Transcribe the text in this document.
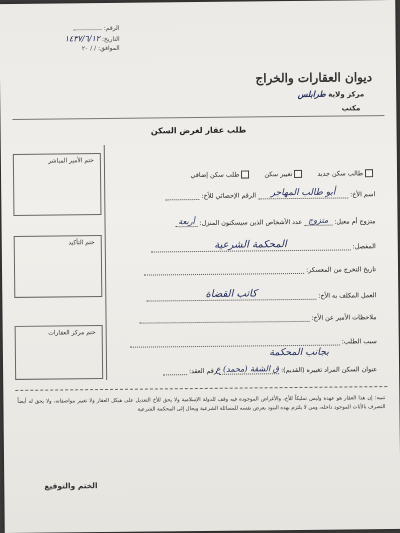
الرقم:
التاريخ: ١٤٣٧/٦/١٢
الموافق: / / ٢٠
ديوان العقارات والخراج
مركز ولاية طرابلس
مكتب
طلب عقار لغرض السكن
ختم الأمير المباشر
ختم التأكيد
ختم مركز العقارات
طالب سكن جديد تغيير سكن طلب سكن إضافي
اسم الأخ: أبو طالب المهاجر الرقم الإحصائي للأخ:
متزوج أم معيل: متزوج عدد الأشخاص الذين سيسكنون المنزل: أربعة
المفصل: المحكمة الشرعية
تاريخ التخرج من المعسكر:
العمل المكلف به الأخ: كاتب القضاة
ملاحظات الأمير عن الأخ:
سبب الطلب:
بجانب المحكمة
عنوان السكن المراد تغييره (القديم): ق الشقة (محمد) ع رقم العقد:
تنبيه: إن هذا العقار هو عهدة وليس تمليكاً للأخ، والأغراض الموجودة فيه وقف للدولة الإسلامية ولا يحق للأخ التعديل على هيكل العقار ولا تغيير مواصفاته، ولا يحق له أيضاً التصرف بالأثاث الموجود داخله، ومن لا يلتزم بهذه البنود يعرض نفسه للمسائلة الشرعية ويحال إلى المحكمة الشرعية
الختم والتوقيع
